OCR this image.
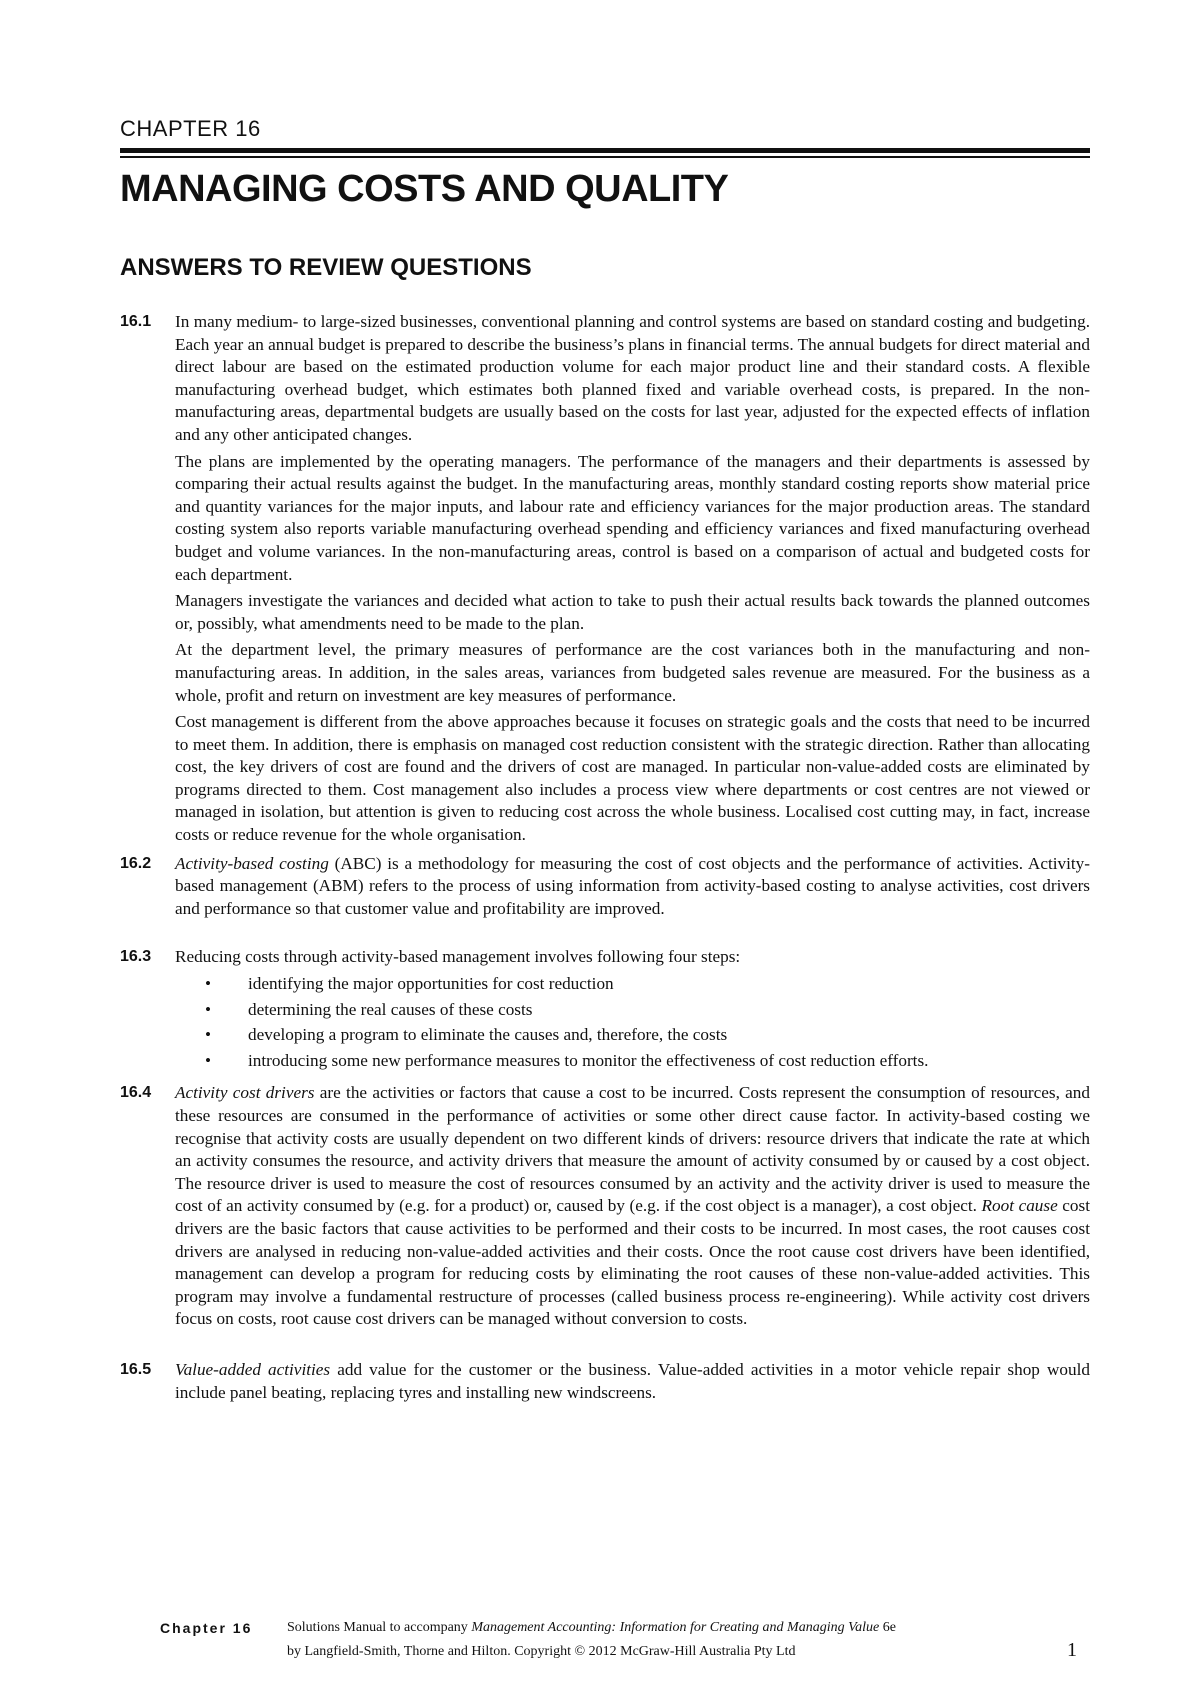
CHAPTER 16
MANAGING COSTS AND QUALITY
ANSWERS TO REVIEW QUESTIONS
16.1 In many medium- to large-sized businesses, conventional planning and control systems are based on standard costing and budgeting. Each year an annual budget is prepared to describe the business’s plans in financial terms. The annual budgets for direct material and direct labour are based on the estimated production volume for each major product line and their standard costs. A flexible manufacturing overhead budget, which estimates both planned fixed and variable overhead costs, is prepared. In the non-manufacturing areas, departmental budgets are usually based on the costs for last year, adjusted for the expected effects of inflation and any other anticipated changes.

The plans are implemented by the operating managers. The performance of the managers and their departments is assessed by comparing their actual results against the budget. In the manufacturing areas, monthly standard costing reports show material price and quantity variances for the major inputs, and labour rate and efficiency variances for the major production areas. The standard costing system also reports variable manufacturing overhead spending and efficiency variances and fixed manufacturing overhead budget and volume variances. In the non-manufacturing areas, control is based on a comparison of actual and budgeted costs for each department.

Managers investigate the variances and decided what action to take to push their actual results back towards the planned outcomes or, possibly, what amendments need to be made to the plan.

At the department level, the primary measures of performance are the cost variances both in the manufacturing and non-manufacturing areas. In addition, in the sales areas, variances from budgeted sales revenue are measured. For the business as a whole, profit and return on investment are key measures of performance.

Cost management is different from the above approaches because it focuses on strategic goals and the costs that need to be incurred to meet them. In addition, there is emphasis on managed cost reduction consistent with the strategic direction. Rather than allocating cost, the key drivers of cost are found and the drivers of cost are managed. In particular non-value-added costs are eliminated by programs directed to them. Cost management also includes a process view where departments or cost centres are not viewed or managed in isolation, but attention is given to reducing cost across the whole business. Localised cost cutting may, in fact, increase costs or reduce revenue for the whole organisation.

16.2 Activity-based costing (ABC) is a methodology for measuring the cost of cost objects and the performance of activities. Activity-based management (ABM) refers to the process of using information from activity-based costing to analyse activities, cost drivers and performance so that customer value and profitability are improved.

16.3 Reducing costs through activity-based management involves following four steps:

• identifying the major opportunities for cost reduction
• determining the real causes of these costs
• developing a program to eliminate the causes and, therefore, the costs
• introducing some new performance measures to monitor the effectiveness of cost reduction efforts.
16.4 Activity cost drivers are the activities or factors that cause a cost to be incurred. Costs represent the consumption of resources, and these resources are consumed in the performance of activities or some other direct cause factor. In activity-based costing we recognise that activity costs are usually dependent on two different kinds of drivers: resource drivers that indicate the rate at which an activity consumes the resource, and activity drivers that measure the amount of activity consumed by or caused by a cost object. The resource driver is used to measure the cost of resources consumed by an activity and the activity driver is used to measure the cost of an activity consumed by (e.g. for a product) or, caused by (e.g. if the cost object is a manager), a cost object. Root cause cost drivers are the basic factors that cause activities to be performed and their costs to be incurred. In most cases, the root causes cost drivers are analysed in reducing non-value-added activities and their costs. Once the root cause cost drivers have been identified, management can develop a program for reducing costs by eliminating the root causes of these non-value-added activities. This program may involve a fundamental restructure of processes (called business process re-engineering). While activity cost drivers focus on costs, root cause cost drivers can be managed without conversion to costs.

16.5 Value-added activities add value for the customer or the business. Value-added activities in a motor vehicle repair shop would include panel beating, replacing tyres and installing new windscreens.

Chapter 16 Solutions Manual to accompany Management Accounting: Information for Creating and Managing Value 6e
by Langfield-Smith, Thorne and Hilton. Copyright © 2012 McGraw-Hill Australia Pty Ltd	1
